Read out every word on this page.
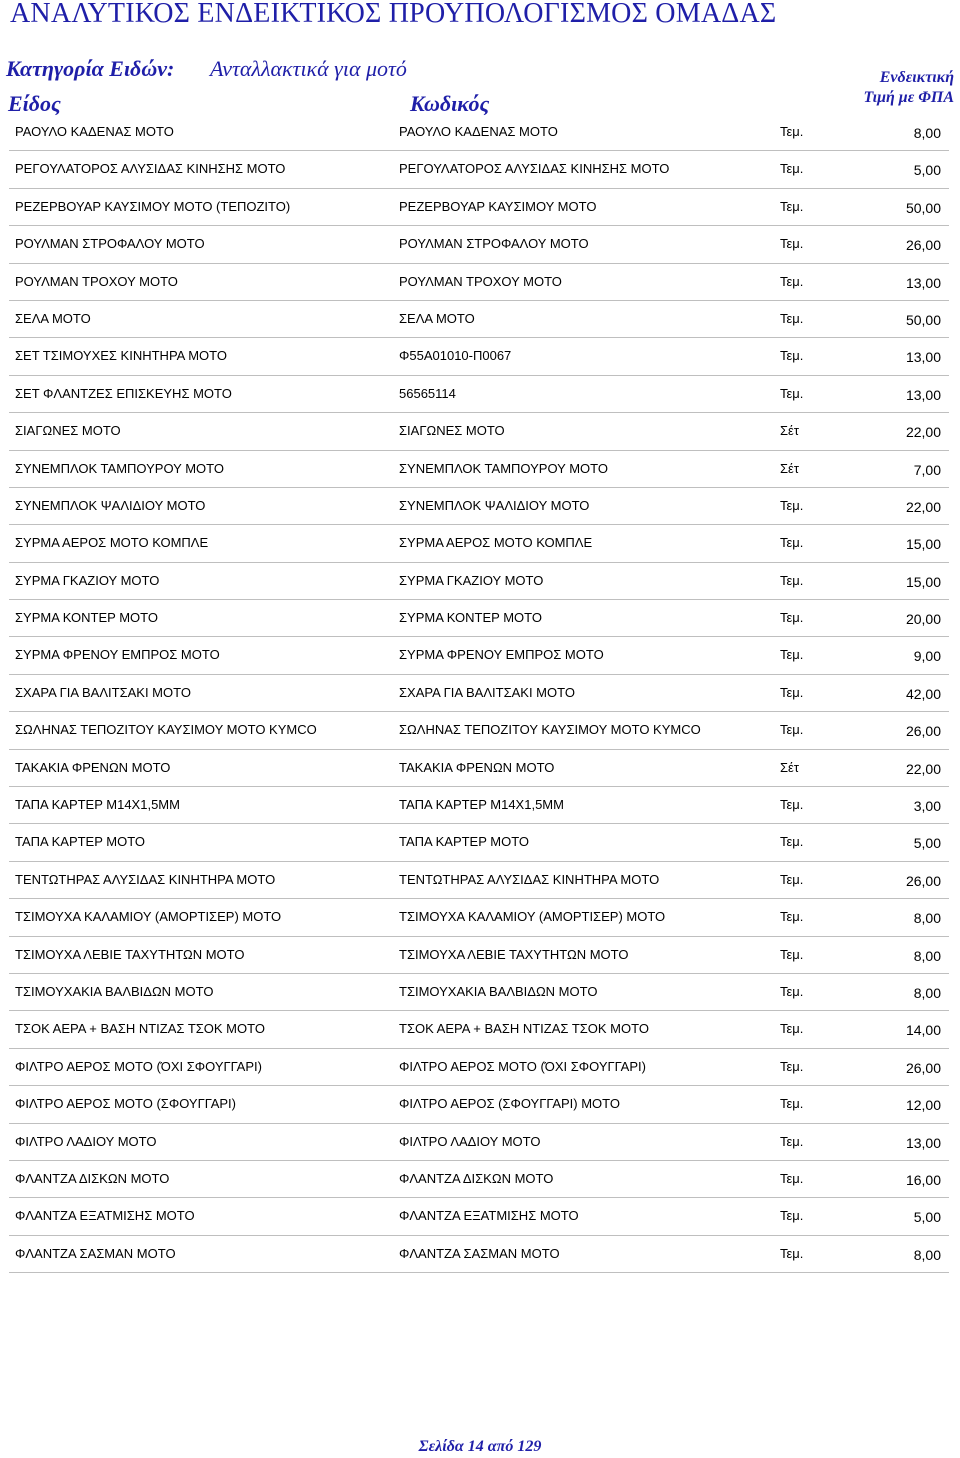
ΑΝΑΛΥΤΙΚΟΣ ΕΝΔΕΙΚΤΙΚΟΣ ΠΡΟΥΠΟΛΟΓΙΣΜΟΣ ΟΜΑΔΑΣ
Κατηγορία Ειδών: Ανταλλακτικά για μοτό
Είδος	Κωδικός
Ενδεικτική
Τιμή με ΦΠΑ
ΡΑΟΥΛΟ ΚΑΔΕΝΑΣ ΜΟΤΟ	ΡΑΟΥΛΟ ΚΑΔΕΝΑΣ ΜΟΤΟ	Τεμ.	8,00
ΡΕΓΟΥΛΑΤΟΡΟΣ ΑΛΥΣΙΔΑΣ ΚΙΝΗΣΗΣ ΜΟΤΟ	ΡΕΓΟΥΛΑΤΟΡΟΣ ΑΛΥΣΙΔΑΣ ΚΙΝΗΣΗΣ ΜΟΤΟ	Τεμ.	5,00
ΡΕΖΕΡΒΟΥΑΡ ΚΑΥΣΙΜΟΥ ΜΟΤΟ (ΤΕΠΟΖΙΤΟ)	ΡΕΖΕΡΒΟΥΑΡ ΚΑΥΣΙΜΟΥ ΜΟΤΟ	Τεμ.	50,00
ΡΟΥΛΜΑΝ ΣΤΡΟΦΑΛΟΥ ΜΟΤΟ	ΡΟΥΛΜΑΝ ΣΤΡΟΦΑΛΟΥ ΜΟΤΟ	Τεμ.	26,00
ΡΟΥΛΜΑΝ ΤΡΟΧΟΥ ΜΟΤΟ	ΡΟΥΛΜΑΝ ΤΡΟΧΟΥ ΜΟΤΟ	Τεμ.	13,00
ΣΕΛΑ ΜΟΤΟ	ΣΕΛΑ ΜΟΤΟ	Τεμ.	50,00
ΣΕΤ ΤΣΙΜΟΥΧΕΣ ΚΙΝΗΤΗΡΑ ΜΟΤΟ	Φ55Α01010-Π0067	Τεμ.	13,00
ΣΕΤ ΦΛΑΝΤΖΕΣ ΕΠΙΣΚΕΥΗΣ ΜΟΤΟ	56565114	Τεμ.	13,00
ΣΙΑΓΩΝΕΣ ΜΟΤΟ	ΣΙΑΓΩΝΕΣ ΜΟΤΟ	Σέτ	22,00
ΣΥΝΕΜΠΛΟΚ ΤΑΜΠΟΥΡΟΥ ΜΟΤΟ	ΣΥΝΕΜΠΛΟΚ ΤΑΜΠΟΥΡΟΥ ΜΟΤΟ	Σέτ	7,00
ΣΥΝΕΜΠΛΟΚ ΨΑΛΙΔΙΟΥ ΜΟΤΟ	ΣΥΝΕΜΠΛΟΚ ΨΑΛΙΔΙΟΥ ΜΟΤΟ	Τεμ.	22,00
ΣΥΡΜΑ ΑΕΡΟΣ ΜΟΤΟ ΚΟΜΠΛΕ	ΣΥΡΜΑ ΑΕΡΟΣ ΜΟΤΟ ΚΟΜΠΛΕ	Τεμ.	15,00
ΣΥΡΜΑ ΓΚΑΖΙΟΥ ΜΟΤΟ	ΣΥΡΜΑ ΓΚΑΖΙΟΥ ΜΟΤΟ	Τεμ.	15,00
ΣΥΡΜΑ ΚΟΝΤΕΡ ΜΟΤΟ	ΣΥΡΜΑ ΚΟΝΤΕΡ ΜΟΤΟ	Τεμ.	20,00
ΣΥΡΜΑ ΦΡΕΝΟΥ ΕΜΠΡΟΣ ΜΟΤΟ	ΣΥΡΜΑ ΦΡΕΝΟΥ ΕΜΠΡΟΣ ΜΟΤΟ	Τεμ.	9,00
ΣΧΑΡΑ ΓΙΑ ΒΑΛΙΤΣΑΚΙ ΜΟΤΟ	ΣΧΑΡΑ ΓΙΑ ΒΑΛΙΤΣΑΚΙ ΜΟΤΟ	Τεμ.	42,00
ΣΩΛΗΝΑΣ ΤΕΠΟΖΙΤΟΥ ΚΑΥΣΙΜΟΥ ΜΟΤΟ KYMCO	ΣΩΛΗΝΑΣ ΤΕΠΟΖΙΤΟΥ ΚΑΥΣΙΜΟΥ ΜΟΤΟ KYMCO	Τεμ.	26,00
ΤΑΚΑΚΙΑ ΦΡΕΝΩΝ ΜΟΤΟ	ΤΑΚΑΚΙΑ ΦΡΕΝΩΝ ΜΟΤΟ	Σέτ	22,00
ΤΑΠΑ ΚΑΡΤΕΡ Μ14Χ1,5ΜΜ	ΤΑΠΑ ΚΑΡΤΕΡ Μ14Χ1,5ΜΜ	Τεμ.	3,00
ΤΑΠΑ ΚΑΡΤΕΡ ΜΟΤΟ	ΤΑΠΑ ΚΑΡΤΕΡ ΜΟΤΟ	Τεμ.	5,00
ΤΕΝΤΩΤΗΡΑΣ ΑΛΥΣΙΔΑΣ ΚΙΝΗΤΗΡΑ ΜΟΤΟ	ΤΕΝΤΩΤΗΡΑΣ ΑΛΥΣΙΔΑΣ ΚΙΝΗΤΗΡΑ ΜΟΤΟ	Τεμ.	26,00
ΤΣΙΜΟΥΧΑ ΚΑΛΑΜΙΟΥ (ΑΜΟΡΤΙΣΕΡ) ΜΟΤΟ	ΤΣΙΜΟΥΧΑ ΚΑΛΑΜΙΟΥ (ΑΜΟΡΤΙΣΕΡ) ΜΟΤΟ	Τεμ.	8,00
ΤΣΙΜΟΥΧΑ ΛΕΒΙΕ ΤΑΧΥΤΗΤΩΝ ΜΟΤΟ	ΤΣΙΜΟΥΧΑ ΛΕΒΙΕ ΤΑΧΥΤΗΤΩΝ ΜΟΤΟ	Τεμ.	8,00
ΤΣΙΜΟΥΧΑΚΙΑ ΒΑΛΒΙΔΩΝ ΜΟΤΟ	ΤΣΙΜΟΥΧΑΚΙΑ ΒΑΛΒΙΔΩΝ ΜΟΤΟ	Τεμ.	8,00
ΤΣΟΚ ΑΕΡΑ + ΒΑΣΗ ΝΤΙΖΑΣ ΤΣΟΚ ΜΟΤΟ	ΤΣΟΚ ΑΕΡΑ + ΒΑΣΗ ΝΤΙΖΑΣ ΤΣΟΚ ΜΟΤΟ	Τεμ.	14,00
ΦΙΛΤΡΟ ΑΕΡΟΣ ΜΟΤΟ (ΌΧΙ ΣΦΟΥΓΓΑΡΙ)	ΦΙΛΤΡΟ ΑΕΡΟΣ ΜΟΤΟ (ΌΧΙ ΣΦΟΥΓΓΑΡΙ)	Τεμ.	26,00
ΦΙΛΤΡΟ ΑΕΡΟΣ ΜΟΤΟ (ΣΦΟΥΓΓΑΡΙ)	ΦΙΛΤΡΟ ΑΕΡΟΣ (ΣΦΟΥΓΓΑΡΙ) ΜΟΤΟ	Τεμ.	12,00
ΦΙΛΤΡΟ ΛΑΔΙΟΥ ΜΟΤΟ	ΦΙΛΤΡΟ ΛΑΔΙΟΥ ΜΟΤΟ	Τεμ.	13,00
ΦΛΑΝΤΖΑ ΔΙΣΚΩΝ ΜΟΤΟ	ΦΛΑΝΤΖΑ ΔΙΣΚΩΝ ΜΟΤΟ	Τεμ.	16,00
ΦΛΑΝΤΖΑ ΕΞΑΤΜΙΣΗΣ ΜΟΤΟ	ΦΛΑΝΤΖΑ ΕΞΑΤΜΙΣΗΣ ΜΟΤΟ	Τεμ.	5,00
ΦΛΑΝΤΖΑ ΣΑΣΜΑΝ ΜΟΤΟ	ΦΛΑΝΤΖΑ ΣΑΣΜΑΝ ΜΟΤΟ	Τεμ.	8,00
Σελίδα 14 από 129
